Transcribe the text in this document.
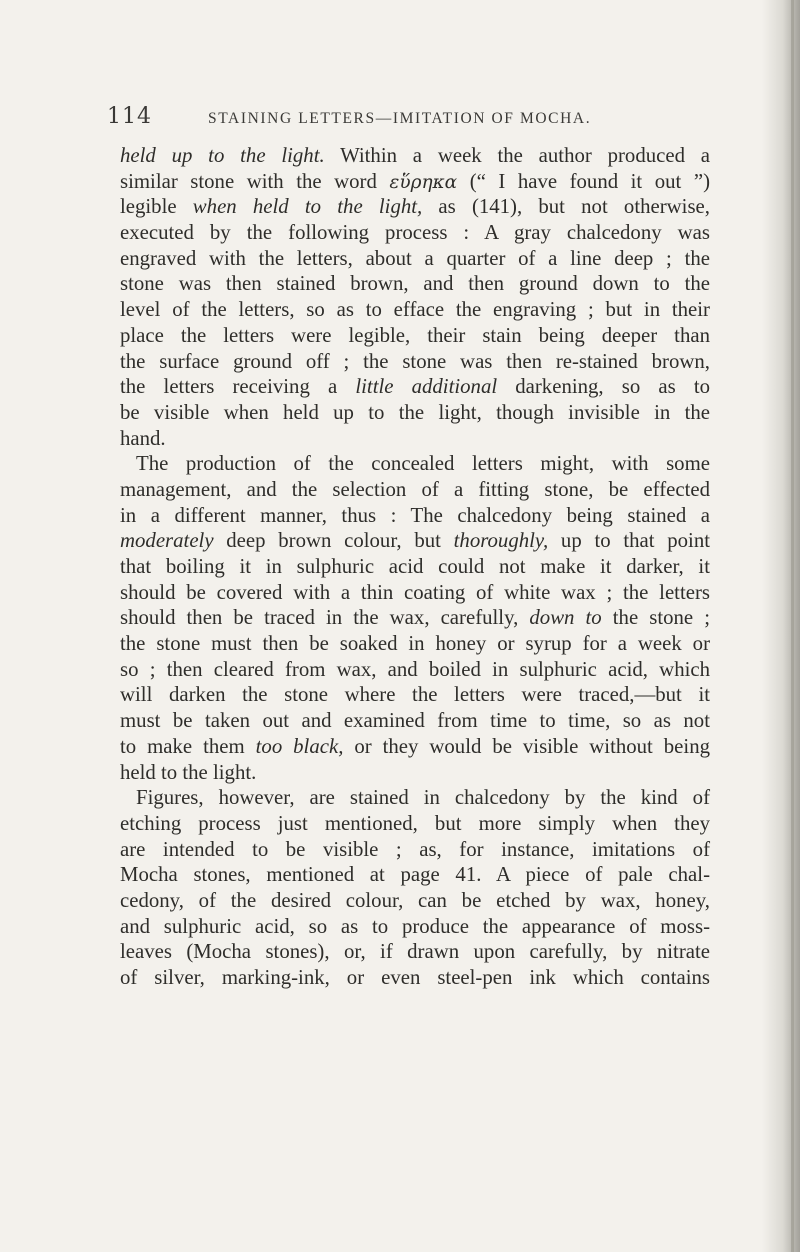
114	STAINING LETTERS—IMITATION OF MOCHA.
held up to the light. Within a week the author produced a
similar stone with the word εὕρηκα (“ I have found it out ”)
legible when held to the light, as (141), but not otherwise,
executed by the following process : A gray chalcedony was
engraved with the letters, about a quarter of a line deep ; the
stone was then stained brown, and then ground down to the
level of the letters, so as to efface the engraving ; but in their
place the letters were legible, their stain being deeper than
the surface ground off ; the stone was then re-stained brown,
the letters receiving a little additional darkening, so as to
be visible when held up to the light, though invisible in the
hand.
The production of the concealed letters might, with some
management, and the selection of a fitting stone, be effected
in a different manner, thus : The chalcedony being stained a
moderately deep brown colour, but thoroughly, up to that point
that boiling it in sulphuric acid could not make it darker, it
should be covered with a thin coating of white wax ; the letters
should then be traced in the wax, carefully, down to the stone ;
the stone must then be soaked in honey or syrup for a week or
so ; then cleared from wax, and boiled in sulphuric acid, which
will darken the stone where the letters were traced,—but it
must be taken out and examined from time to time, so as not
to make them too black, or they would be visible without being
held to the light.
Figures, however, are stained in chalcedony by the kind of
etching process just mentioned, but more simply when they
are intended to be visible ; as, for instance, imitations of
Mocha stones, mentioned at page 41. A piece of pale chal-
cedony, of the desired colour, can be etched by wax, honey,
and sulphuric acid, so as to produce the appearance of moss-
leaves (Mocha stones), or, if drawn upon carefully, by nitrate
of silver, marking-ink, or even steel-pen ink which contains
